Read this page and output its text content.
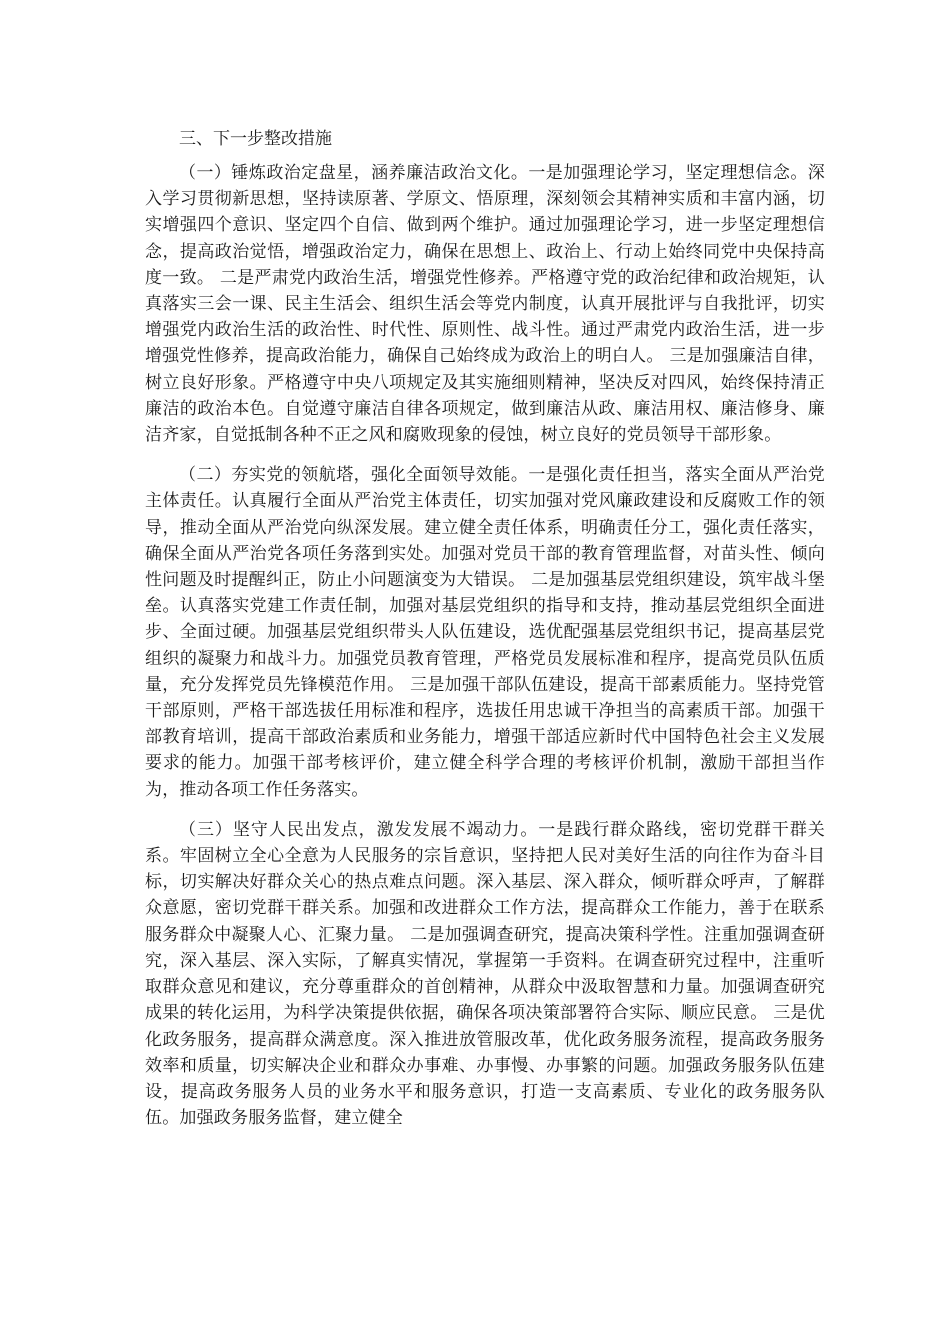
三、下一步整改措施

（一）锤炼政治定盘星，涵养廉洁政治文化。一是加强理论学习，坚定理想信念。深入学习贯彻新思想，坚持读原著、学原文、悟原理，深刻领会其精神实质和丰富内涵，切实增强四个意识、坚定四个自信、做到两个维护。通过加强理论学习，进一步坚定理想信念，提高政治觉悟，增强政治定力，确保在思想上、政治上、行动上始终同党中央保持高度一致。 二是严肃党内政治生活，增强党性修养。严格遵守党的政治纪律和政治规矩，认真落实三会一课、民主生活会、组织生活会等党内制度，认真开展批评与自我批评，切实增强党内政治生活的政治性、时代性、原则性、战斗性。通过严肃党内政治生活，进一步增强党性修养，提高政治能力，确保自己始终成为政治上的明白人。 三是加强廉洁自律，树立良好形象。严格遵守中央八项规定及其实施细则精神，坚决反对四风，始终保持清正廉洁的政治本色。自觉遵守廉洁自律各项规定，做到廉洁从政、廉洁用权、廉洁修身、廉洁齐家，自觉抵制各种不正之风和腐败现象的侵蚀，树立良好的党员领导干部形象。

（二）夯实党的领航塔，强化全面领导效能。一是强化责任担当，落实全面从严治党主体责任。认真履行全面从严治党主体责任，切实加强对党风廉政建设和反腐败工作的领导，推动全面从严治党向纵深发展。建立健全责任体系，明确责任分工，强化责任落实，确保全面从严治党各项任务落到实处。加强对党员干部的教育管理监督，对苗头性、倾向性问题及时提醒纠正，防止小问题演变为大错误。 二是加强基层党组织建设，筑牢战斗堡垒。认真落实党建工作责任制，加强对基层党组织的指导和支持，推动基层党组织全面进步、全面过硬。加强基层党组织带头人队伍建设，选优配强基层党组织书记，提高基层党组织的凝聚力和战斗力。加强党员教育管理，严格党员发展标准和程序，提高党员队伍质量，充分发挥党员先锋模范作用。 三是加强干部队伍建设，提高干部素质能力。坚持党管干部原则，严格干部选拔任用标准和程序，选拔任用忠诚干净担当的高素质干部。加强干部教育培训，提高干部政治素质和业务能力，增强干部适应新时代中国特色社会主义发展要求的能力。加强干部考核评价，建立健全科学合理的考核评价机制，激励干部担当作为，推动各项工作任务落实。

（三）坚守人民出发点，激发发展不竭动力。一是践行群众路线，密切党群干群关系。牢固树立全心全意为人民服务的宗旨意识，坚持把人民对美好生活的向往作为奋斗目标，切实解决好群众关心的热点难点问题。深入基层、深入群众，倾听群众呼声，了解群众意愿，密切党群干群关系。加强和改进群众工作方法，提高群众工作能力，善于在联系服务群众中凝聚人心、汇聚力量。 二是加强调查研究，提高决策科学性。注重加强调查研究，深入基层、深入实际，了解真实情况，掌握第一手资料。在调查研究过程中，注重听取群众意见和建议，充分尊重群众的首创精神，从群众中汲取智慧和力量。加强调查研究成果的转化运用，为科学决策提供依据，确保各项决策部署符合实际、顺应民意。 三是优化政务服务，提高群众满意度。深入推进放管服改革，优化政务服务流程，提高政务服务效率和质量，切实解决企业和群众办事难、办事慢、办事繁的问题。加强政务服务队伍建设，提高政务服务人员的业务水平和服务意识，打造一支高素质、专业化的政务服务队伍。加强政务服务监督，建立健全
